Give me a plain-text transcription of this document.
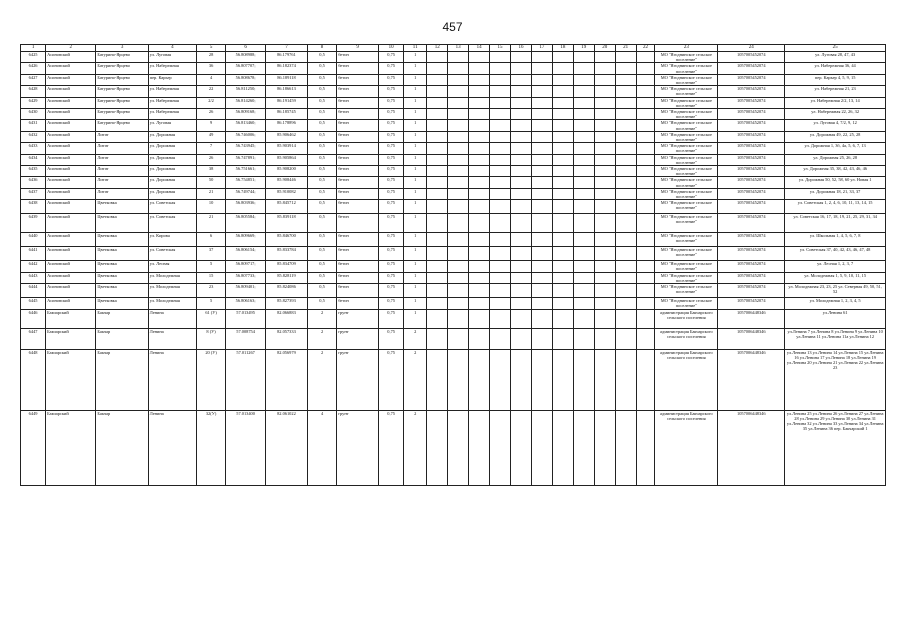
457
1	2	3	4	5	6	7	8	9	10	11	12	13	14	15	16	17	18	19	20	21	22	23	24	25
6425	Асиновский	Батурино-Ярцево	ул. Луговая	28	56.808988;	86.179761	0,5	бетон	0,75	1												МО "Ягоднинское сельское поселение"	1057005452074	ул. Луговая 28, 47, 43
6426	Асиновский	Батурино-Ярцево	ул. Набережная	36	56.807707;	86.182374	0,5	бетон	0,75	1												МО "Ягоднинское сельское поселение"	1057005452074	ул. Набережная 36, 44
6427	Асиновский	Батурино-Ярцево	пер. Карьер	4	56.808678;	86.189118	0,5	бетон	0,75	1												МО "Ягоднинское сельское поселение"	1057005452074	пер. Карьер 4, 5, 9, 15
6428	Асиновский	Батурино-Ярцево	ул. Набережная	22	56.811250;	86.186613	0,5	бетон	0,75	1												МО "Ягоднинское сельское поселение"	1057005452074	ул. Набережная 21, 23
6429	Асиновский	Батурино-Ярцево	ул. Набережная	2/2	56.814260;	86.191459	0,5	бетон	0,75	1												МО "Ягоднинское сельское поселение"	1057005452074	ул. Набережная 2/2, 13, 14
6430	Асиновский	Батурино-Ярцево	ул. Набережная	26	56.809168;	86.185745	0,5	бетон	0,75	1												МО "Ягоднинское сельское поселение"	1057005452074	ул. Набережная 22, 26, 32
6431	Асиновский	Батурино-Ярцево	ул. Луговая	9	56.813460;	86.178896	0,5	бетон	0,75	1												МО "Ягоднинское сельское поселение"	1057005452074	ул. Луговая 4, 7/2, 9, 12
6432	Асиновский	Литат	ул. Дорожная	49	56.746006;	85.906462	0,5	бетон	0,75	1												МО "Ягоднинское сельское поселение"	1057005452074	ул. Дорожная 49, 22, 25, 28
6433	Асиновский	Литат	ул. Дорожная	7	56.743945;	85.903914	0,5	бетон	0,75	1												МО "Ягоднинское сельское поселение"	1057005452074	ул. Дорожная 1, 3б, 4а, 5, 6, 7, 13
6434	Асиновский	Литат	ул. Дорожная	26	56.747891;	85.905864	0,5	бетон	0,75	1												МО "Ягоднинское сельское поселение"	1057005452074	ул. Дорожная 25, 26, 28
6435	Асиновский	Литат	ул. Дорожная	38	56.751661;	85.908200	0,5	бетон	0,75	1												МО "Ягоднинское сельское поселение"	1057005452074	ул. Дорожная 35, 38, 42, 43, 46, 46
6436	Асиновский	Литат	ул. Дорожная	50	56.754851;	85.908446	0,5	бетон	0,75	1												МО "Ягоднинское сельское поселение"	1057005452074	ул. Дорожная 50, 52, 58, 60 ул. Новая 1
6437	Асиновский	Литат	ул. Дорожная	21	56.749744;	85.910082	0,5	бетон	0,75	1												МО "Ягоднинское сельское поселение"	1057005452074	ул. Дорожная 18, 21, 33, 37
6438	Асиновский	Цветковка	ул. Советская	10	56.803936;	85.845712	0,5	бетон	0,75	1												МО "Ягоднинское сельское поселение"	1057005452074	ул. Советская 1, 2, 4, 6, 10, 11, 13, 14, 15
6439	Асиновский	Цветковка	ул. Советская	21	56.805584;	85.839118	0,5	бетон	0,75	1												МО "Ягоднинское сельское поселение"	1057005452074	ул. Советская 16, 17, 18, 19, 21, 25, 29, 31, 34
6440	Асиновский	Цветковка	ул. Кирова	6	56.809669;	85.846700	0,5	бетон	0,75	1												МО "Ягоднинское сельское поселение"	1057005452074	ул. Школьная 1, 4, 5, 6, 7, 8
6441	Асиновский	Цветковка	ул. Советская	37	56.806154;	85.833784	0,5	бетон	0,75	1												МО "Ягоднинское сельское поселение"	1057005452074	ул. Советская 37, 40, 42, 43, 46, 47, 48
6442	Асиновский	Цветковка	ул. Лесная	5	56.809717;	85.834709	0,5	бетон	0,75	1												МО "Ягоднинское сельское поселение"	1057005452074	ул. Лесная 1, 2, 3, 7
6443	Асиновский	Цветковка	ул. Молодежная	15	56.807733;	85.828119	0,5	бетон	0,75	1												МО "Ягоднинское сельское поселение"	1057005452074	ул. Молодежная 1, 5, 9, 10, 11, 15
6444	Асиновский	Цветковка	ул. Молодежная	23	56.809401;	85.824086	0,5	бетон	0,75	1												МО "Ягоднинское сельское поселение"	1057005452074	ул. Молодежная 23, 23, 25 ул. Северная 49, 50, 51, 52
6445	Асиновский	Цветковка	ул. Молодежная	5	56.806163;	85.827393	0,5	бетон	0,75	1												МО "Ягоднинское сельское поселение"	1057005452074	ул. Молодежная 1, 2, 3, 4, 5
6446	Бакчарский	Бакчар	Ленина	61 (У)	57.013495	82.066883	2	грунт	0,75	1												администрация Бакчарского сельского поселения	1057006448346	ул.Ленина 61
6447	Бакчарский	Бакчар	Ленина	8 (У)	57.008754	82.057333	2	грунт	0,75	2												администрация Бакчарского сельского поселения	1057006448346	ул.Ленина 7 ул.Ленина 8 ул.Ленина 9 ул.Ленина 10 ул.Ленина 11 ул.Ленина 11а ул.Ленина 12
6448	Бакчарский	Бакчар	Ленина	20 (У)	57.011267	82.056979	2	грунт	0,75	2												администрация Бакчарского сельского поселения	1057006448346	ул.Ленина 13 ул.Ленина 14 ул.Ленина 15 ул.Ленина 16 ул.Ленина 17 ул.Ленина 18 ул.Ленина 19 ул.Ленина 20 ул.Ленина 21 ул.Ленина 22 ул.Ленина 23
6449	Бакчарский	Бакчар	Ленина	32(У)	57.013400	82.061022	4	грунт	0,75	2												администрация Бакчарского сельского поселения	1057006448346	ул.Ленина 25 ул.Ленина 26 ул.Ленина 27 ул.Ленина 28 ул.Ленина 29 ул.Ленина 30 ул.Ленина 31 ул.Ленина 32 ул.Ленина 33 ул.Ленина 34 ул.Ленина 35 ул.Ленина 36 пер. Бакчарский 1
